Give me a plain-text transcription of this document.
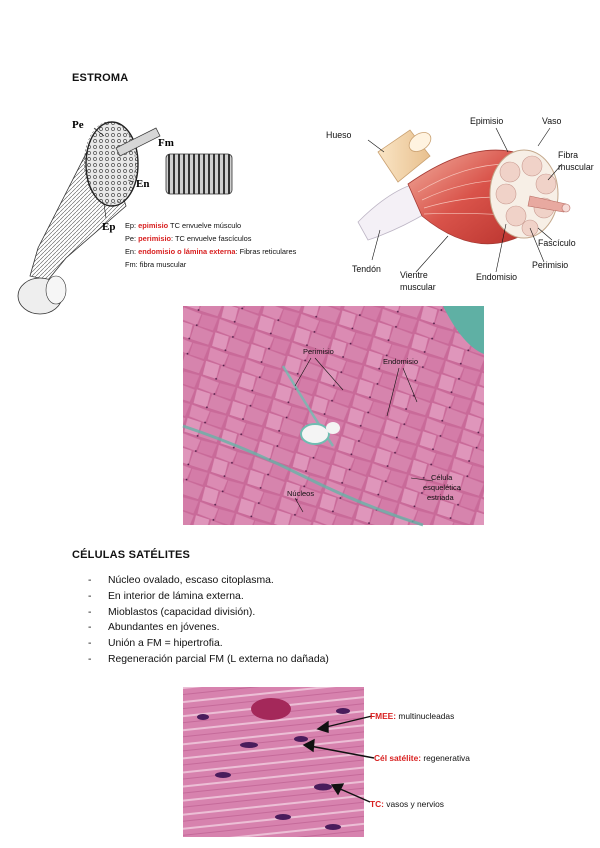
ESTROMA
Pe
Fm
En
Ep Ep: epimisio TC envuelve músculo
Pe: perimisio: TC envuelve fascículos
En: endomisio o lámina externa: Fibras reticulares
Fm: fibra muscular
Hueso
Epimisio	Vaso
Fibra
muscular
Fascículo
Perimisio
Endomisio
Tendón
Vientre
muscular
Perimisio
Endomisio
Célula
esquelética
estriada
Núcleos
CÉLULAS SATÉLITES
- Núcleo ovalado, escaso citoplasma.
- En interior de lámina externa.
- Mioblastos (capacidad división).
- Abundantes en jóvenes.
- Unión a FM = hipertrofia.
- Regeneración parcial FM (L externa no dañada)
FMEE: multinucleadas
Cél satélite: regenerativa
TC: vasos y nervios
